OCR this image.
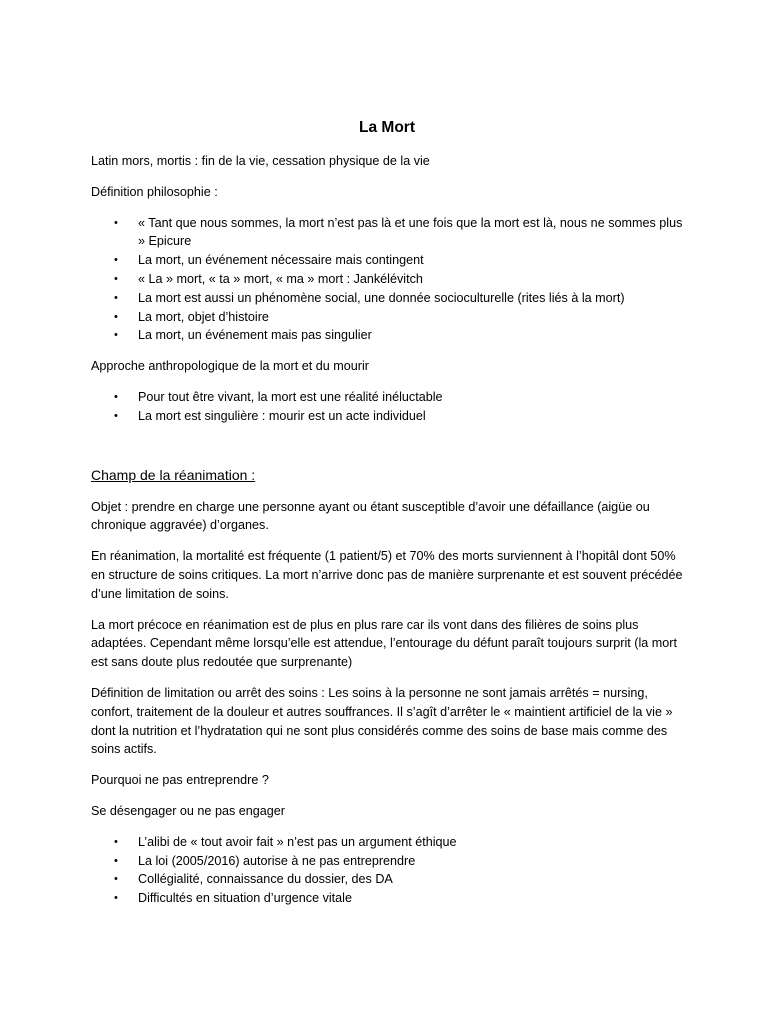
La Mort

Latin mors, mortis : fin de la vie, cessation physique de la vie

Définition philosophie :

• « Tant que nous sommes, la mort n’est pas là et une fois que la mort est là, nous ne sommes plus » Epicure
• La mort, un événement nécessaire mais contingent
• « La » mort, « ta » mort, « ma » mort : Jankélévitch
• La mort est aussi un phénomène social, une donnée socioculturelle (rites liés à la mort)
• La mort, objet d’histoire
• La mort, un événement mais pas singulier

Approche anthropologique de la mort et du mourir

• Pour tout être vivant, la mort est une réalité inéluctable
• La mort est singulière : mourir est un acte individuel
Champ de la réanimation :

Objet : prendre en charge une personne ayant ou étant susceptible d’avoir une défaillance (aigüe ou chronique aggravée) d’organes.

En réanimation, la mortalité est fréquente (1 patient/5) et 70% des morts surviennent à l’hopitâl dont 50% en structure de soins critiques. La mort n’arrive donc pas de manière surprenante et est souvent précédée d’une limitation de soins.

La mort précoce en réanimation est de plus en plus rare car ils vont dans des filières de soins plus adaptées. Cependant même lorsqu’elle est attendue, l’entourage du défunt paraît toujours surprit (la mort est sans doute plus redoutée que surprenante)

Définition de limitation ou arrêt des soins : Les soins à la personne ne sont jamais arrêtés = nursing, confort, traitement de la douleur et autres souffrances. Il s’agît d’arrêter le « maintient artificiel de la vie » dont la nutrition et l’hydratation qui ne sont plus considérés comme des soins de base mais comme des soins actifs.

Pourquoi ne pas entreprendre ?

Se désengager ou ne pas engager

• L’alibi de « tout avoir fait » n’est pas un argument éthique
• La loi (2005/2016) autorise à ne pas entreprendre
• Collégialité, connaissance du dossier, des DA
• Difficultés en situation d’urgence vitale
